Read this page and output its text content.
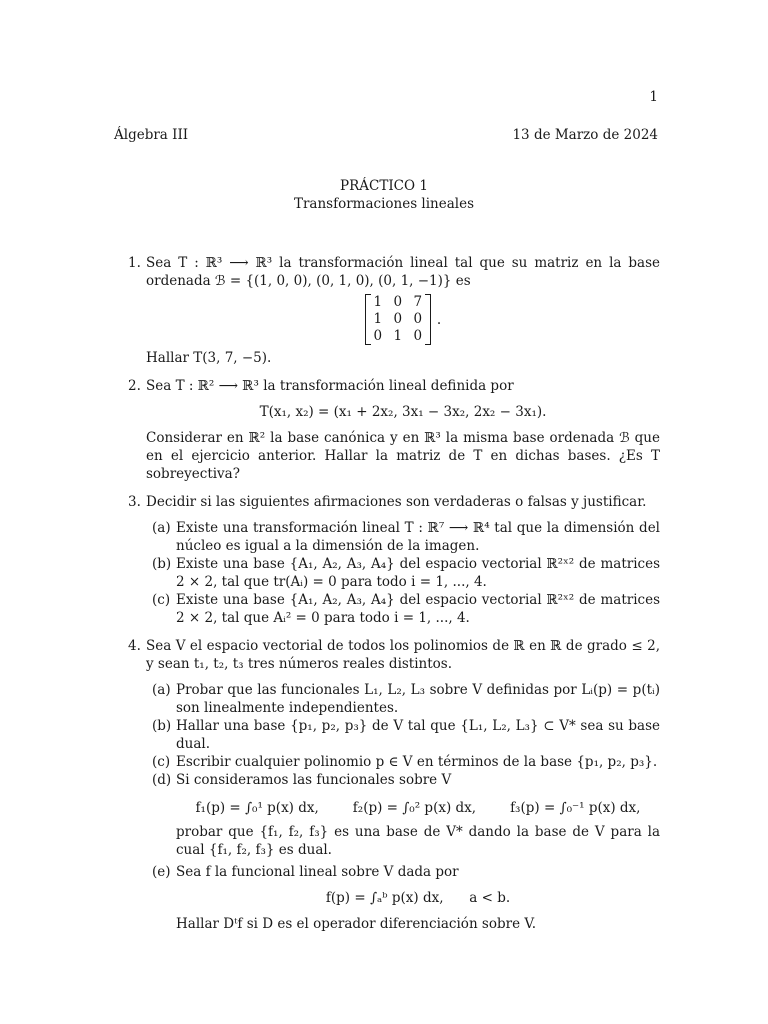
1
Álgebra III	13 de Marzo de 2024
PRÁCTICO 1
Transformaciones lineales
1. Sea T : ℝ³ ⟶ ℝ³ la transformación lineal tal que su matriz en la base ordenada ℬ = {(1, 0, 0), (0, 1, 0), (0, 1, −1)} es

1 0 7
1 0 0
0 1 0
.

Hallar T(3, 7, −5).

2. Sea T : ℝ² ⟶ ℝ³ la transformación lineal definida por

T(x₁, x₂) = (x₁ + 2x₂, 3x₁ − 3x₂, 2x₂ − 3x₁).

Considerar en ℝ² la base canónica y en ℝ³ la misma base ordenada ℬ que en el ejercicio anterior. Hallar la matriz de T en dichas bases. ¿Es T sobreyectiva?

3. Decidir si las siguientes afirmaciones son verdaderas o falsas y justificar.

(a) Existe una transformación lineal T : ℝ⁷ ⟶ ℝ⁴ tal que la dimensión del núcleo es igual a la dimensión de la imagen.

(b) Existe una base {A₁, A₂, A₃, A₄} del espacio vectorial ℝ²ˣ² de matrices 2 × 2, tal que tr(Aᵢ) = 0 para todo i = 1, ..., 4.

(c) Existe una base {A₁, A₂, A₃, A₄} del espacio vectorial ℝ²ˣ² de matrices 2 × 2, tal que Aᵢ² = 0 para todo i = 1, ..., 4.

4. Sea V el espacio vectorial de todos los polinomios de ℝ en ℝ de grado ≤ 2, y sean t₁, t₂, t₃ tres números reales distintos.

(a) Probar que las funcionales L₁, L₂, L₃ sobre V definidas por Lᵢ(p) = p(tᵢ) son linealmente independientes.

(b) Hallar una base {p₁, p₂, p₃} de V tal que {L₁, L₂, L₃} ⊂ V* sea su base dual.

(c) Escribir cualquier polinomio p ∈ V en términos de la base {p₁, p₂, p₃}.

(d) Si consideramos las funcionales sobre V
f₁(p) = ∫₀¹ p(x) dx,	f₂(p) = ∫₀² p(x) dx,	f₃(p) = ∫₀⁻¹ p(x) dx,

probar que {f₁, f₂, f₃} es una base de V* dando la base de V para la cual {f₁, f₂, f₃} es dual.

(e) Sea f la funcional lineal sobre V dada por
f(p) = ∫ₐᵇ p(x) dx,      a < b.

Hallar Dᵗf si D es el operador diferenciación sobre V.
